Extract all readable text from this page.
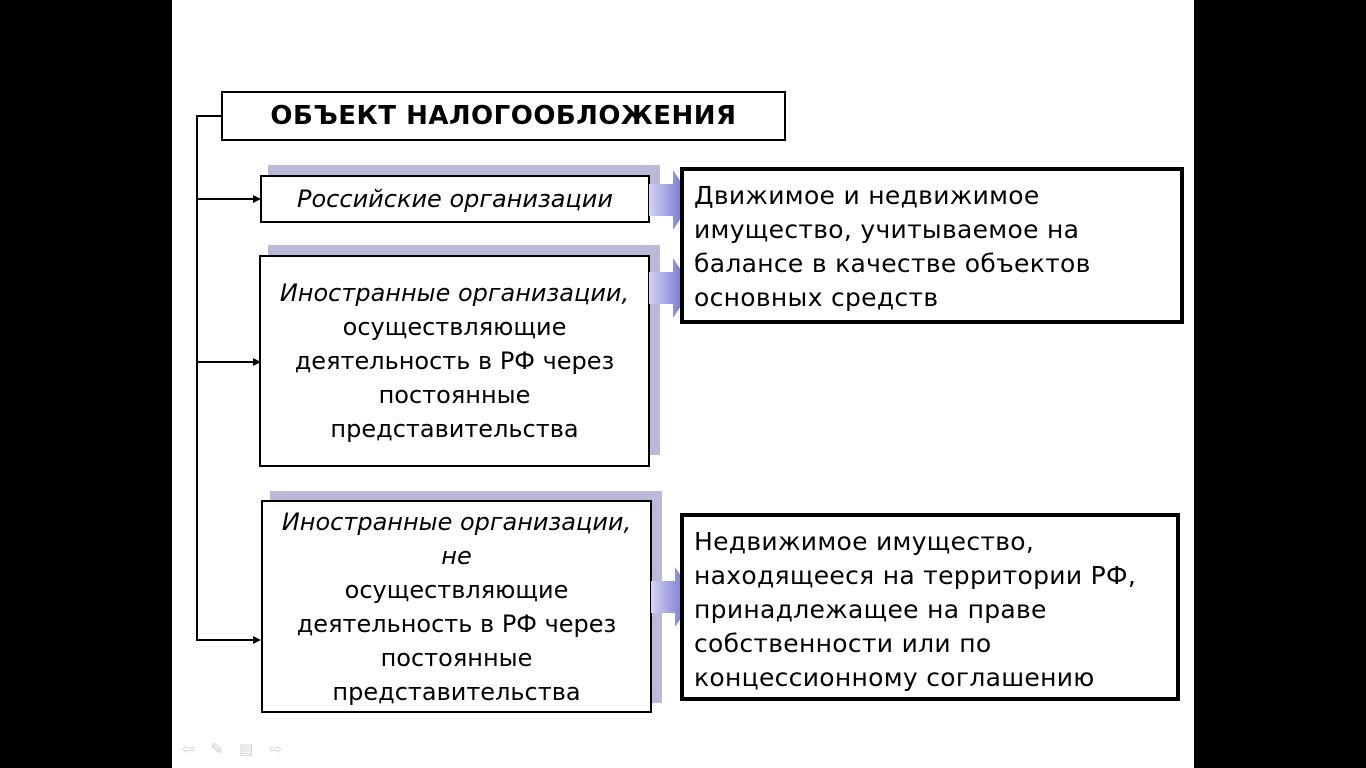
ОБЪЕКТ НАЛОГООБЛОЖЕНИЯ
Российские организации
Иностранные организации,
осуществляющие деятельность в РФ через постоянные представительства
Иностранные организации, не
осуществляющие деятельность в РФ через постоянные представительства
Движимое и недвижимое имущество, учитываемое на балансе в качестве объектов основных средств
Недвижимое имущество, находящееся на территории РФ, принадлежащее на праве собственности или по концессионному соглашению
⇦ ✎ ▤ ⇨
